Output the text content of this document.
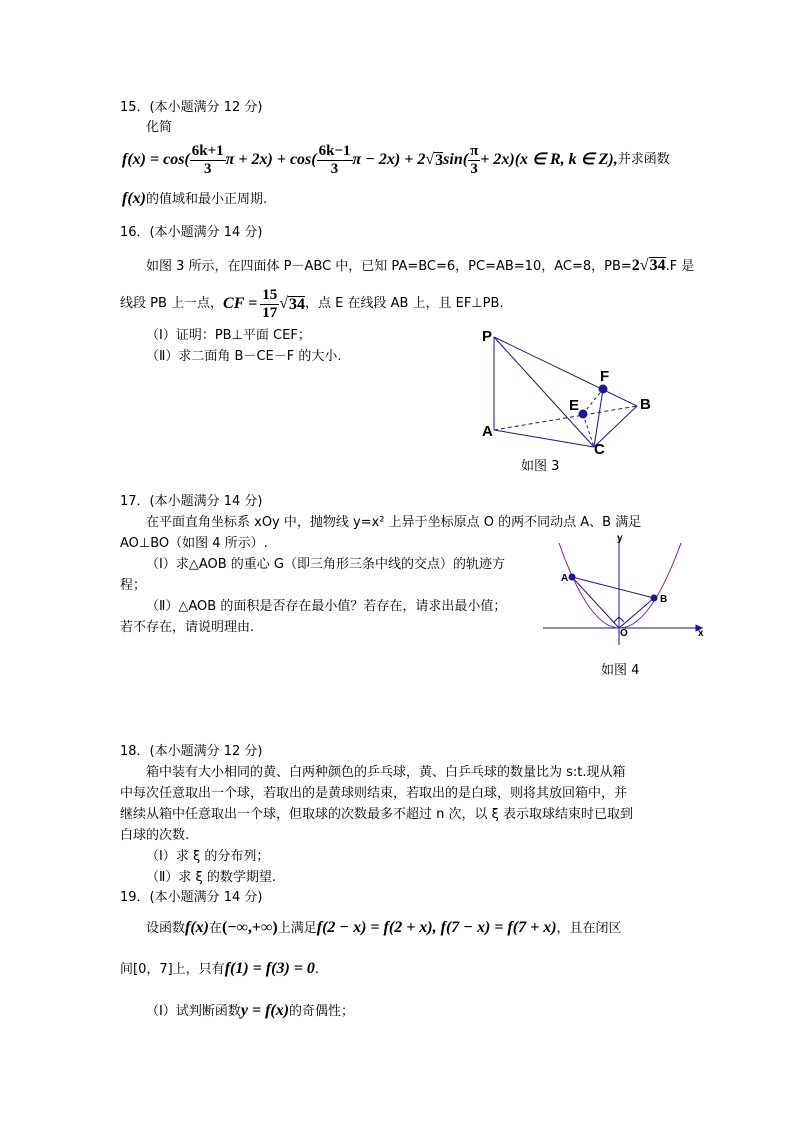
15．(本小题满分 12 分)
化简
$f(x) = \cos( \frac{6k+1}{3}$ $\pi + 2x) + \cos( \frac{6k-1}{3}$ π − 2x) + 2 √ 3 $\sin( \frac{\pi}{3} + 2x)(x$ ∈ R, k ∈ Z), 并求函数
f(x)的值域和最小正周期.
16．(本小题满分 14 分)
如图 3 所示，在四面体 P－ABC 中，已知 PA=BC=6，PC=AB=10，AC=8，PB=2√34.F 是
线段 PB 上一点， CF = $\frac{15}{17}$ √ 34 ，点 E 在线段 AB 上，且 EF⊥PB.
（Ⅰ）证明：PB⊥平面 CEF；
（Ⅱ）求二面角 B－CE－F 的大小.
P
A
B
C
E
F
如图 3
17．(本小题满分 14 分)
在平面直角坐标系 xOy 中，抛物线 y=x² 上异于坐标原点 O 的两不同动点 A、B 满足
AO⊥BO（如图 4 所示）.
（Ⅰ）求△AOB 的重心 G（即三角形三条中线的交点）的轨迹方
程；
（Ⅱ）△AOB 的面积是否存在最小值？若存在，请求出最小值；
若不存在，请说明理由.
y
A
B
O	x
如图 4
18．(本小题满分 12 分)
箱中装有大小相同的黄、白两种颜色的乒乓球，黄、白乒乓球的数量比为 s:t.现从箱
中每次任意取出一个球，若取出的是黄球则结束，若取出的是白球，则将其放回箱中，并
继续从箱中任意取出一个球，但取球的次数最多不超过 n 次，以 ξ 表示取球结束时已取到
白球的次数.
（Ⅰ）求 ξ 的分布列；
（Ⅱ）求 ξ 的数学期望.
19．(本小题满分 14 分)
设函数f(x)在(−∞,+∞)上满足f(2 − x) = f(2 + x), f(7 − x) = f(7 + x)，且在闭区
间[0，7]上，只有f(1) = f(3) = 0.
（Ⅰ）试判断函数y = f(x)的奇偶性；
